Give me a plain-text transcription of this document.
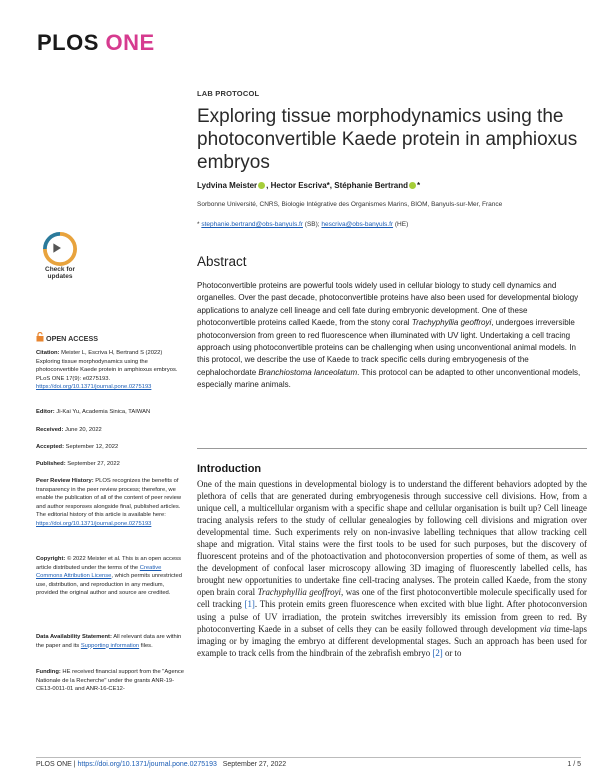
PLOS ONE
Check for
updates
OPEN ACCESS
Citation: Meister L, Escriva H, Bertrand S (2022) Exploring tissue morphodynamics using the photoconvertible Kaede protein in amphioxus embryos. PLoS ONE 17(9): e0275193. https://doi.org/10.1371/journal.pone.0275193
Editor: Ji-Kai Yu, Academia Sinica, TAIWAN
Received: June 20, 2022
Accepted: September 12, 2022
Published: September 27, 2022
Peer Review History: PLOS recognizes the benefits of transparency in the peer review process; therefore, we enable the publication of all of the content of peer review and author responses alongside final, published articles. The editorial history of this article is available here: https://doi.org/10.1371/journal.pone.0275193
Copyright: © 2022 Meister et al. This is an open access article distributed under the terms of the Creative Commons Attribution License, which permits unrestricted use, distribution, and reproduction in any medium, provided the original author and source are credited.
Data Availability Statement: All relevant data are within the paper and its Supporting information files.
Funding: HE received financial support from the "Agence Nationale de la Recherche" under the grants ANR-19-CE13-0011-01 and ANR-16-CE12-
LAB PROTOCOL
Exploring tissue morphodynamics using the photoconvertible Kaede protein in amphioxus embryos
Lydvina Meister , Hector Escriva*, Stéphanie Bertrand *
Sorbonne Université, CNRS, Biologie Intégrative des Organismes Marins, BIOM, Banyuls-sur-Mer, France
* stephanie.bertrand@obs-banyuls.fr (SB); hescriva@obs-banyuls.fr (HE)
Abstract
Photoconvertible proteins are powerful tools widely used in cellular biology to study cell dynamics and organelles. Over the past decade, photoconvertible proteins have also been used for developmental biology applications to analyze cell lineage and cell fate during embryonic development. One of these photoconvertible proteins called Kaede, from the stony coral Trachyphyllia geoffroyi, undergoes irreversible photoconversion from green to red fluorescence when illuminated with UV light. Undertaking a cell tracing approach using photoconvertible proteins can be challenging when using unconventional animal models. In this protocol, we describe the use of Kaede to track specific cells during embryogenesis of the cephalochordate Branchiostoma lanceolatum. This protocol can be adapted to other unconventional models, especially marine animals.
Introduction
One of the main questions in developmental biology is to understand the different behaviors adopted by the plethora of cells that are generated during embryogenesis through successive cell divisions. How, from a unique cell, a multicellular organism with a specific shape and cellular organisation is built up? Cell lineage tracing analysis refers to the study of cellular genealogies by following cell divisions and migration over developmental time. Such experiments rely on non-invasive labelling techniques that allow tracking cell shape and migration. Vital stains were the first tools to be used for such purposes, but the discovery of fluorescent proteins and of the photoactivation and photoconversion properties of some of them, as well as the development of confocal laser microscopy allowing 3D imaging of fluorescently labelled cells, has brought new opportunities to undertake fine cell-tracing analyses. The protein called Kaede, from the stony open brain coral Trachyphyllia geoffroyi, was one of the first photoconvertible molecule specifically used for cell tracking [1]. This protein emits green fluorescence when excited with blue light. After photoconversion using a pulse of UV irradiation, the protein switches irreversibly its emission from green to red. By photoconverting Kaede in a subset of cells they can be easily followed through development via time-laps imaging or by imaging the embryo at different developmental stages. Such an approach has been used for example to track cells from the hindbrain of the zebrafish embryo [2] or to
PLOS ONE | https://doi.org/10.1371/journal.pone.0275193 September 27, 2022	1 / 5
